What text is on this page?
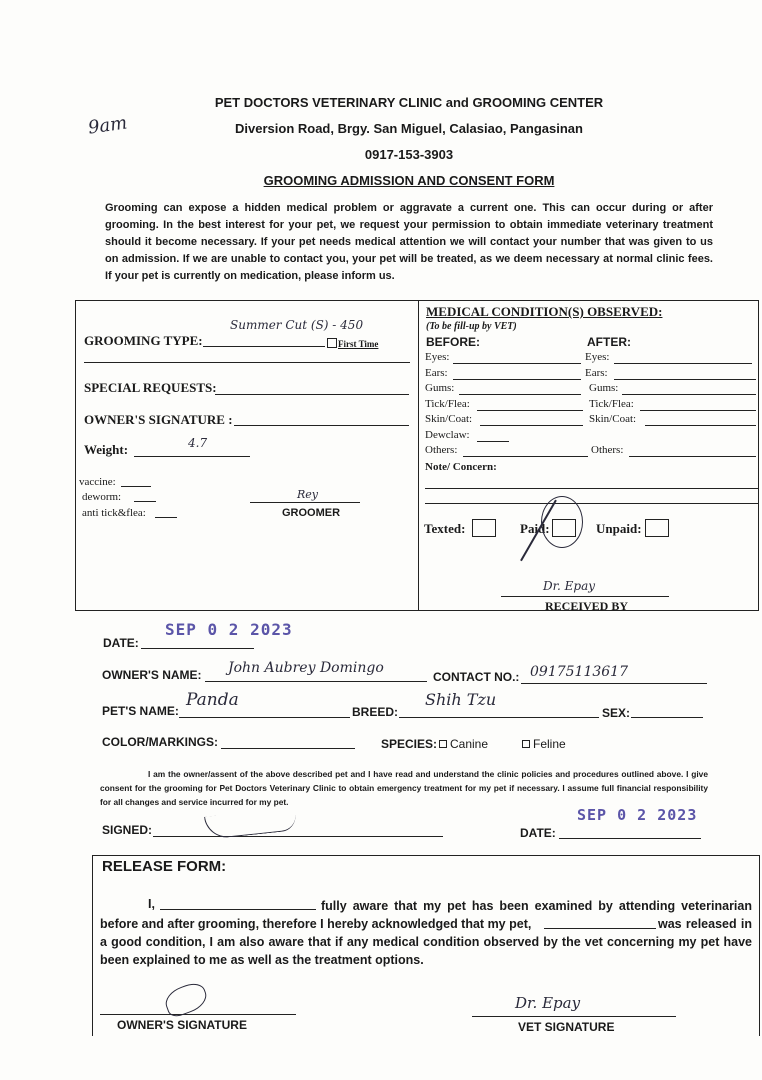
9am
PET DOCTORS VETERINARY CLINIC and GROOMING CENTER
Diversion Road, Brgy. San Miguel, Calasiao, Pangasinan
0917-153-3903
GROOMING ADMISSION AND CONSENT FORM
Grooming can expose a hidden medical problem or aggravate a current one. This can occur during or after grooming. In the best interest for your pet, we request your permission to obtain immediate veterinary treatment should it become necessary. If your pet needs medical attention we will contact your number that was given to us on admission. If we are unable to contact you, your pet will be treated, as we deem necessary at normal clinic fees. If your pet is currently on medication, please inform us.
GROOMING TYPE:
Summer Cut (S) - 450
First Time
SPECIAL REQUESTS:
OWNER'S SIGNATURE :
Weight:	4.7
vaccine:
deworm:
anti tick&flea:
Rey
GROOMER
MEDICAL CONDITION(S) OBSERVED:
(To be fill-up by VET)
BEFORE:	AFTER:
Eyes:	Eyes:
Ears:	Ears:
Gums:	Gums:
Tick/Flea:	Tick/Flea:
Skin/Coat:	Skin/Coat:
Dewclaw:
Others:	Others:
Note/ Concern:
Texted:	Paid:	Unpaid:
Dr. Epay
RECEIVED BY
DATE:
SEP 0 2 2023
OWNER'S NAME: John Aubrey Domingo
CONTACT NO.: 09175113617
PET'S NAME:
Panda
BREED:
Shih Tzu
SEX:
COLOR/MARKINGS:	SPECIES: Canine	Feline
I am the owner/assent of the above described pet and I have read and understand the clinic policies and procedures outlined above. I give consent for the grooming for Pet Doctors Veterinary Clinic to obtain emergency treatment for my pet if necessary. I assume full financial responsibility for all changes and service incurred for my pet.
SIGNED:	DATE:
SEP 0 2 2023
RELEASE FORM:
I,	fully aware that my pet has been examined by attending veterinarian before and after grooming, therefore I hereby acknowledged that my pet,	was released in a good condition, I am also aware that if any medical condition observed by the vet concerning my pet have been explained to me as well as the treatment options.
OWNER'S SIGNATURE
Dr. Epay
VET SIGNATURE
